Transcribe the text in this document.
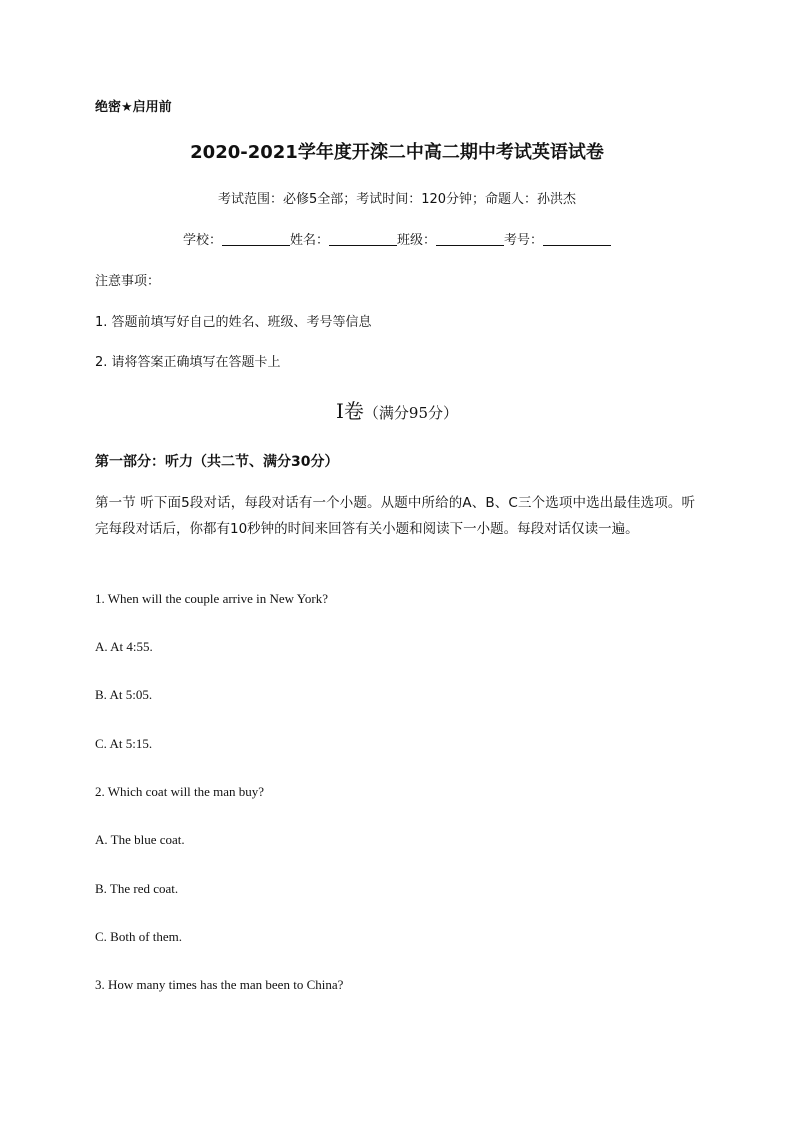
绝密★启用前
2020-2021学年度开滦二中高二期中考试英语试卷
考试范围：必修5全部；考试时间：120分钟；命题人：孙洪杰
学校：	姓名：	班级：	考号：
注意事项：
1. 答题前填写好自己的姓名、班级、考号等信息
2. 请将答案正确填写在答题卡上
Ⅰ卷（满分95分）
第一部分：听力（共二节、满分30分）
第一节 听下面5段对话，每段对话有一个小题。从题中所给的A、B、C三个选项中选出最佳选项。听完每段对话后，你都有10秒钟的时间来回答有关小题和阅读下一小题。每段对话仅读一遍。
1. When will the couple arrive in New York?
A. At 4:55.
B. At 5:05.
C. At 5:15.
2. Which coat will the man buy?
A. The blue coat.
B. The red coat.
C. Both of them.
3. How many times has the man been to China?
